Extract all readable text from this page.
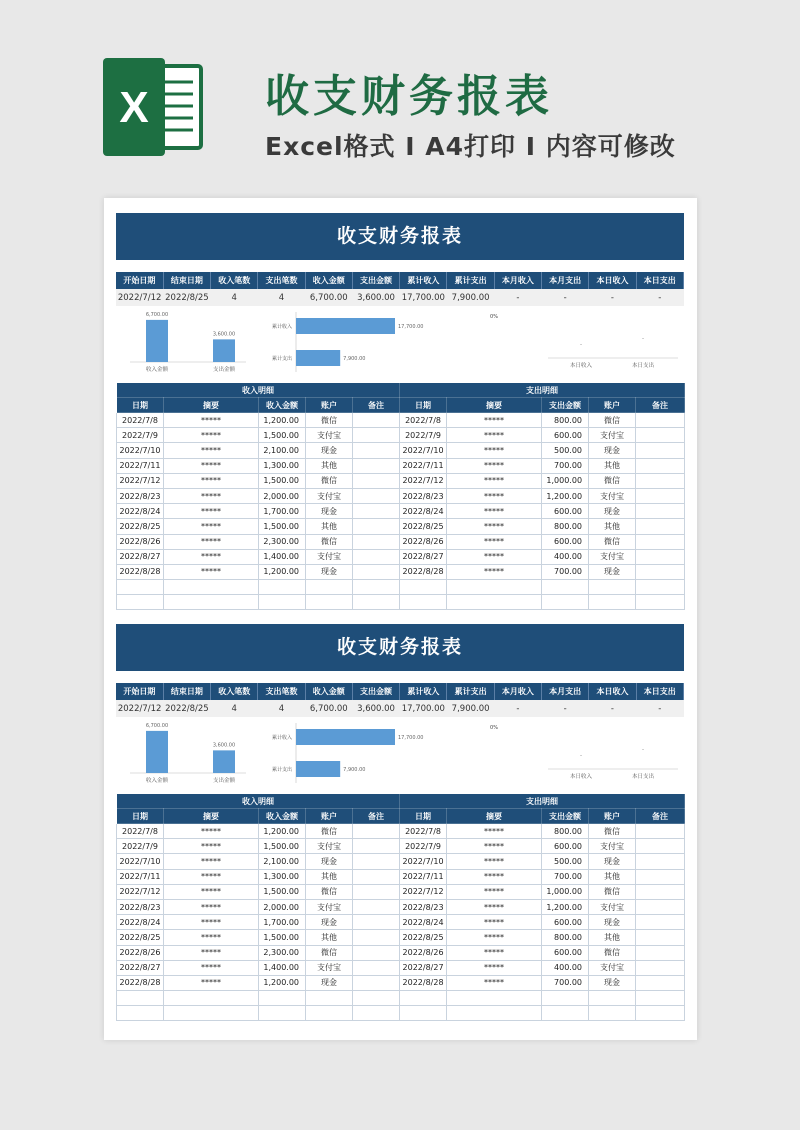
X	收支财务报表
Excel格式 I A4打印 I 内容可修改
收支财务报表
开始日期	结束日期	收入笔数	支出笔数	收入金额	支出金额	累计收入	累计支出	本月收入	本月支出	本日收入	本日支出
2022/7/12	2022/8/25	4	4	6,700.00	3,600.00	17,700.00	7,900.00	-	-	-	-
6,700.00
收入金额
3,600.00
支出金额
17,700.00
累计收入
7,900.00
累计支出
0%
-
本日收入
-
本日支出
收入明细					支出明细				
日期	摘要	收入金额	账户	备注	日期	摘要	支出金额	账户	备注
2022/7/8	*****	1,200.00	微信		2022/7/8	*****	800.00	微信	
2022/7/9	*****	1,500.00	支付宝		2022/7/9	*****	600.00	支付宝	
2022/7/10	*****	2,100.00	现金		2022/7/10	*****	500.00	现金	
2022/7/11	*****	1,300.00	其他		2022/7/11	*****	700.00	其他	
2022/7/12	*****	1,500.00	微信		2022/7/12	*****	1,000.00	微信	
2022/8/23	*****	2,000.00	支付宝		2022/8/23	*****	1,200.00	支付宝	
2022/8/24	*****	1,700.00	现金		2022/8/24	*****	600.00	现金	
2022/8/25	*****	1,500.00	其他		2022/8/25	*****	800.00	其他	
2022/8/26	*****	2,300.00	微信		2022/8/26	*****	600.00	微信	
2022/8/27	*****	1,400.00	支付宝		2022/8/27	*****	400.00	支付宝	
2022/8/28	*****	1,200.00	现金		2022/8/28	*****	700.00	现金	

收支财务报表
开始日期	结束日期	收入笔数	支出笔数	收入金额	支出金额	累计收入	累计支出	本月收入	本月支出	本日收入	本日支出
2022/7/12	2022/8/25	4	4	6,700.00	3,600.00	17,700.00	7,900.00	-	-	-	-
6,700.00
收入金额
3,600.00
支出金额
17,700.00
累计收入
7,900.00
累计支出
0%
-
本日收入
-
本日支出
收入明细					支出明细				
日期	摘要	收入金额	账户	备注	日期	摘要	支出金额	账户	备注
2022/7/8	*****	1,200.00	微信		2022/7/8	*****	800.00	微信	
2022/7/9	*****	1,500.00	支付宝		2022/7/9	*****	600.00	支付宝	
2022/7/10	*****	2,100.00	现金		2022/7/10	*****	500.00	现金	
2022/7/11	*****	1,300.00	其他		2022/7/11	*****	700.00	其他	
2022/7/12	*****	1,500.00	微信		2022/7/12	*****	1,000.00	微信	
2022/8/23	*****	2,000.00	支付宝		2022/8/23	*****	1,200.00	支付宝	
2022/8/24	*****	1,700.00	现金		2022/8/24	*****	600.00	现金	
2022/8/25	*****	1,500.00	其他		2022/8/25	*****	800.00	其他	
2022/8/26	*****	2,300.00	微信		2022/8/26	*****	600.00	微信	
2022/8/27	*****	1,400.00	支付宝		2022/8/27	*****	400.00	支付宝	
2022/8/28	*****	1,200.00	现金		2022/8/28	*****	700.00	现金	
